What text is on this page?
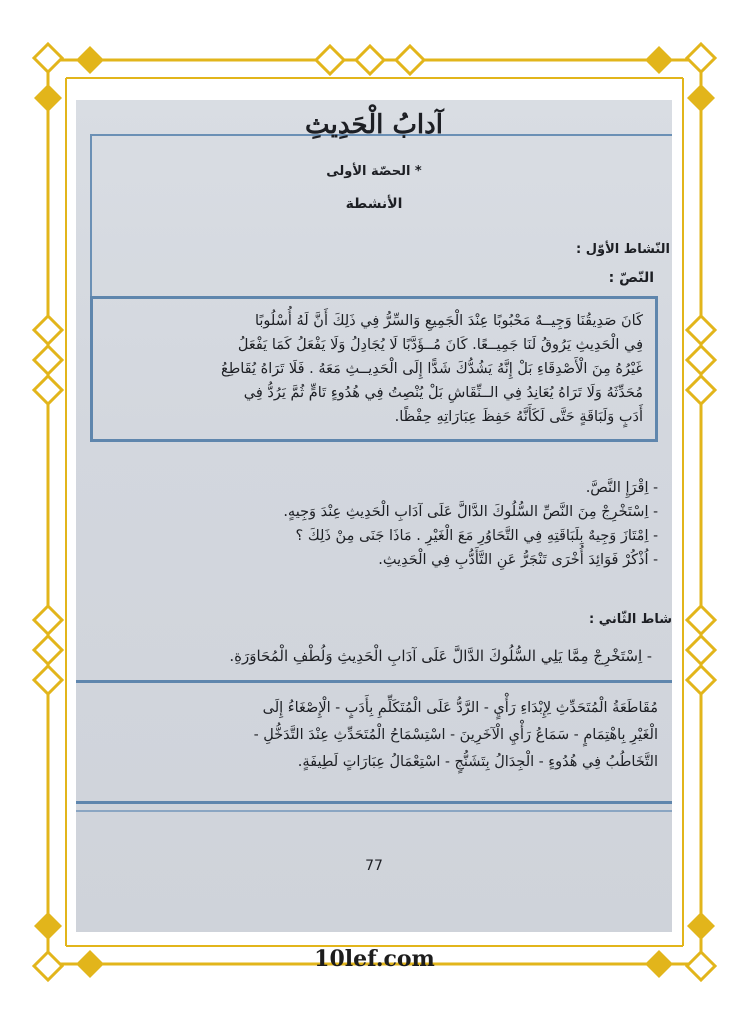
آدابُ الْحَدِيثِ
* الحصّة الأولى
الأنشطة
النّشاط الأوّل :
النّصّ :

كَانَ صَدِيقُنَا وَجِيــهٌ مَحْبُوبًا عِنْدَ الْجَمِيعِ وَالسِّرُّ فِي ذَلِكَ أَنَّ لَهُ أُسْلُوبًا

فِي الْحَدِيثِ يَرُوقُ لَنَا جَمِيــعًا. كَانَ مُــؤَدَّبًا لَا يُجَادِلُ وَلَا يَفْعَلُ كَمَا يَفْعَلُ

غَيْرُهُ مِنَ الْأَصْدِقَاءِ بَلْ إِنَّهُ يَشُدُّكَ شَدًّا إِلَى الْحَدِيــثِ مَعَهُ . فَلَا تَرَاهُ يُقَاطِعُ

مُحَدِّثَهُ وَلَا تَرَاهُ يُعَانِدُ فِي الــنِّقَاشِ بَلْ يُنْصِتُ فِي هُدُوءٍ تَامٍّ ثُمَّ يَرُدُّ فِي

أَدَبٍ وَلَبَاقَةٍ حَتَّى لَكَأَنَّهُ حَفِظَ عِبَارَاتِهِ حِفْظًا.

- اِقْرَإِ النَّصَّ.
- اِسْتَخْرِجْ مِنَ النَّصِّ السُّلُوكَ الدَّالَّ عَلَى آدَابِ الْحَدِيثِ عِنْدَ وَجِيهٍ.
- اِمْتَازَ وَجِيهٌ بِلَبَاقَتِهِ فِي التَّحَاوُرِ مَعَ الْغَيْرِ . مَاذَا جَنَى مِنْ ذَلِكَ ؟
- اُذْكُرْ فَوَائِدَ أُخْرَى تَنْجَرُّ عَنِ التَّأَدُّبِ فِي الْحَدِيثِ.
شاط الثّاني :
- اِسْتَخْرِجْ مِمَّا يَلِي السُّلُوكَ الدَّالَّ عَلَى آدَابِ الْحَدِيثِ وَلُطْفِ الْمُحَاوَرَةِ.

مُقَاطَعَةُ الْمُتَحَدِّثِ لِإِبْدَاءِ رَأْيٍ - الرَّدُّ عَلَى الْمُتَكَلِّمِ بِأَدَبٍ - الْإِصْغَاءُ إِلَى

الْغَيْرِ بِاهْتِمَامٍ - سَمَاعُ رَأْيِ الْآخَرِينَ - اسْتِسْمَاحُ الْمُتَحَدِّثِ عِنْدَ التَّدَخُّلِ -

التَّخَاطُبُ فِي هُدُوءٍ - الْجِدَالُ بِتَشَنُّجٍ - اسْتِعْمَالُ عِبَارَاتٍ لَطِيفَةٍ.

77
10lef.com
